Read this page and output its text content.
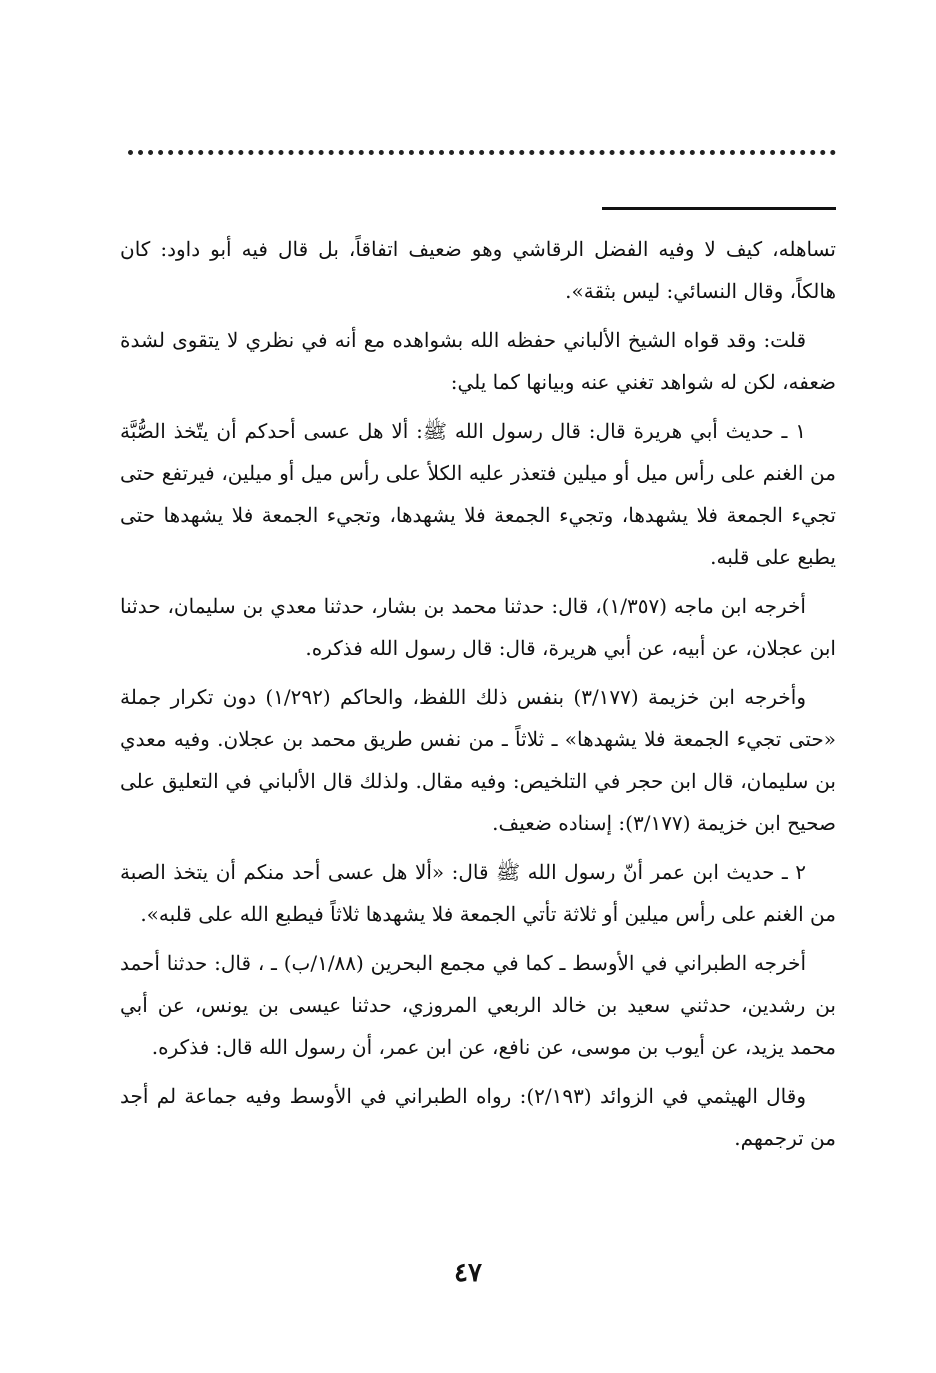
تساهله، كيف لا وفيه الفضل الرقاشي وهو ضعيف اتفاقاً، بل قال فيه أبو داود: كان هالكاً، وقال النسائي: ليس بثقة».

قلت: وقد قواه الشيخ الألباني حفظه الله بشواهده مع أنه في نظري لا يتقوى لشدة ضعفه، لكن له شواهد تغني عنه وبيانها كما يلي:

١ ـ حديث أبي هريرة قال: قال رسول الله ﷺ: ألا هل عسى أحدكم أن يتّخذ الصُّبَّة من الغنم على رأس ميل أو ميلين فتعذر عليه الكلأ على رأس ميل أو ميلين، فيرتفع حتى تجيء الجمعة فلا يشهدها، وتجيء الجمعة فلا يشهدها، وتجيء الجمعة فلا يشهدها حتى يطبع على قلبه.

أخرجه ابن ماجه (١/٣٥٧)، قال: حدثنا محمد بن بشار، حدثنا معدي بن سليمان، حدثنا ابن عجلان، عن أبيه، عن أبي هريرة، قال: قال رسول الله فذكره.

وأخرجه ابن خزيمة (٣/١٧٧) بنفس ذلك اللفظ، والحاكم (١/٢٩٢) دون تكرار جملة «حتى تجيء الجمعة فلا يشهدها» ـ ثلاثاً ـ من نفس طريق محمد بن عجلان. وفيه معدي بن سليمان، قال ابن حجر في التلخيص: وفيه مقال. ولذلك قال الألباني في التعليق على صحيح ابن خزيمة (٣/١٧٧): إسناده ضعيف.

٢ ـ حديث ابن عمر أنّ رسول الله ﷺ قال: «ألا هل عسى أحد منكم أن يتخذ الصبة من الغنم على رأس ميلين أو ثلاثة تأتي الجمعة فلا يشهدها ثلاثاً فيطبع الله على قلبه».

أخرجه الطبراني في الأوسط ـ كما في مجمع البحرين (١/٨٨/ب) ـ ، قال: حدثنا أحمد بن رشدين، حدثني سعيد بن خالد الربعي المروزي، حدثنا عيسى بن يونس، عن أبي محمد يزيد، عن أيوب بن موسى، عن نافع، عن ابن عمر، أن رسول الله قال: فذكره.

وقال الهيثمي في الزوائد (٢/١٩٣): رواه الطبراني في الأوسط وفيه جماعة لم أجد من ترجمهم.

٤٧
